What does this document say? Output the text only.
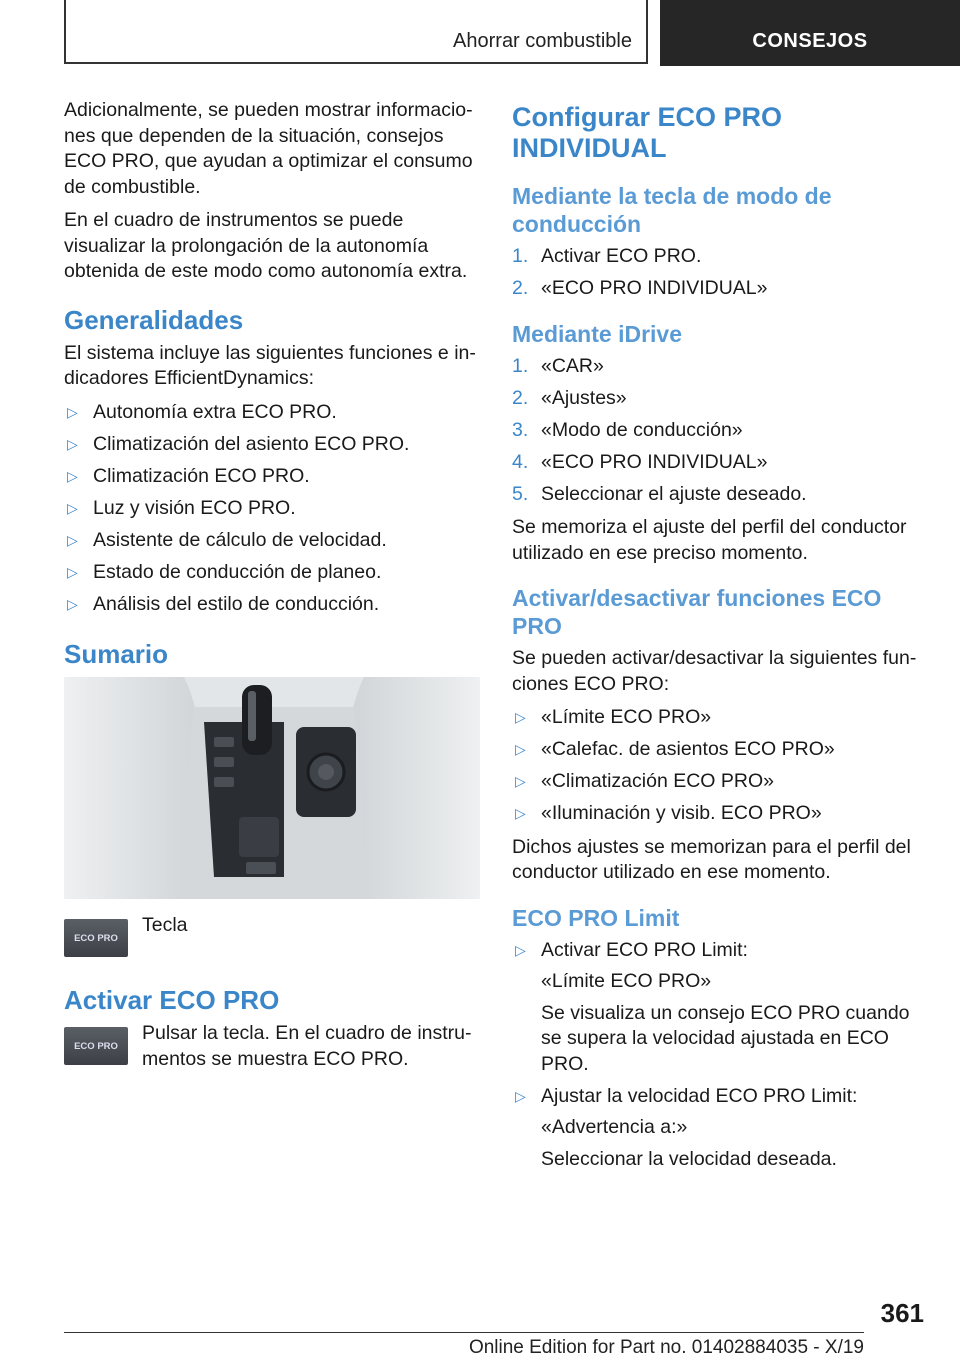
Ahorrar combustible	CONSEJOS

Adicionalmente, se pueden mostrar informaciones que dependen de la situación, consejos ECO PRO, que ayudan a optimizar el consumo de combustible.

En el cuadro de instrumentos se puede visualizar la prolongación de la autonomía obtenida de este modo como autonomía extra.

Generalidades

El sistema incluye las siguientes funciones e indicadores EfficientDynamics:

▷ Autonomía extra ECO PRO.
▷ Climatización del asiento ECO PRO.
▷ Climatización ECO PRO.
▷ Luz y visión ECO PRO.
▷ Asistente de cálculo de velocidad.
▷ Estado de conducción de planeo.
▷ Análisis del estilo de conducción.
Sumario
ECO PRO
Tecla
Activar ECO PRO
ECO PRO
Pulsar la tecla. En el cuadro de instrumentos se muestra ECO PRO.
Configurar ECO PRO INDIVIDUAL
Mediante la tecla de modo de conducción
1. Activar ECO PRO.
2. «ECO PRO INDIVIDUAL»
Mediante iDrive
1. «CAR»
2. «Ajustes»
3. «Modo de conducción»
4. «ECO PRO INDIVIDUAL»
5. Seleccionar el ajuste deseado.

Se memoriza el ajuste del perfil del conductor utilizado en ese preciso momento.

Activar/desactivar funciones ECO PRO

Se pueden activar/desactivar la siguientes funciones ECO PRO:

▷ «Límite ECO PRO»
▷ «Calefac. de asientos ECO PRO»
▷ «Climatización ECO PRO»
▷ «Iluminación y visib. ECO PRO»

Dichos ajustes se memorizan para el perfil del conductor utilizado en ese momento.

ECO PRO Limit
▷ Activar ECO PRO Limit:
«Límite ECO PRO»
Se visualiza un consejo ECO PRO cuando se supera la velocidad ajustada en ECO PRO.
▷ Ajustar la velocidad ECO PRO Limit:
«Advertencia a:»
Seleccionar la velocidad deseada.
361
Online Edition for Part no. 01402884035 - X/19
